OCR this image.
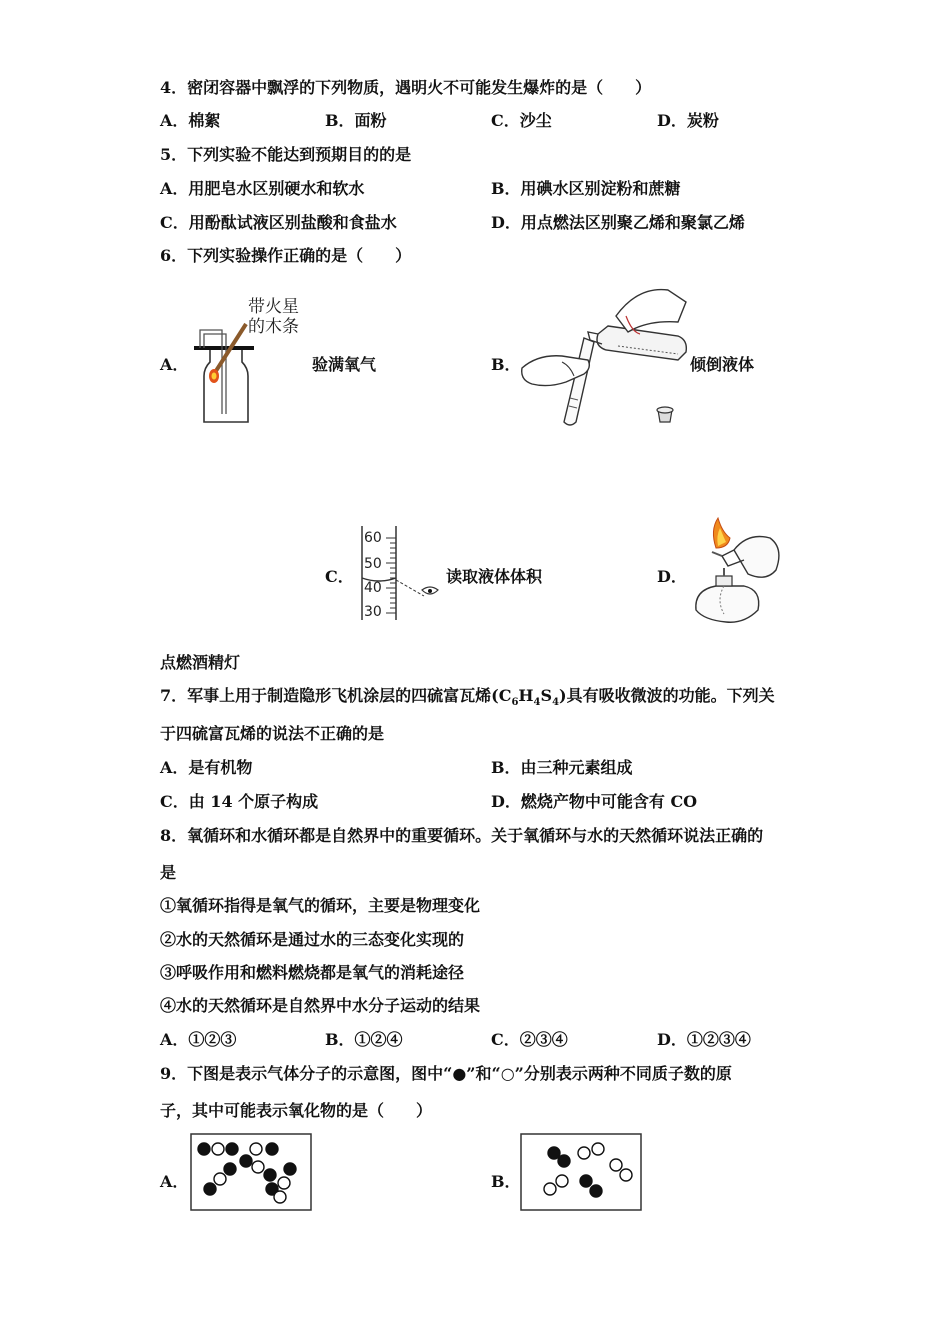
4．密闭容器中飘浮的下列物质，遇明火不可能发生爆炸的是（　　）
A．棉絮	B．面粉	C．沙尘	D．炭粉
5．下列实验不能达到预期目的的是
A．用肥皂水区别硬水和软水	B．用碘水区别淀粉和蔗糖
C．用酚酞试液区别盐酸和食盐水	D．用点燃法区别聚乙烯和聚氯乙烯
6．下列实验操作正确的是（　　）
A．
带火星
的木条
验满氧气	B．	倾倒液体
C．
60
50
40
30
读取液体体积	D．
点燃酒精灯
7．军事上用于制造隐形飞机涂层的四硫富瓦烯$(C_6H_4S_4)$具有吸收微波的功能。下列关
于四硫富瓦烯的说法不正确的是
A．是有机物	B．由三种元素组成
C．由 14 个原子构成	D．燃烧产物中可能含有 CO
8．氧循环和水循环都是自然界中的重要循环。关于氧循环与水的天然循环说法正确的
是
①氧循环指得是氧气的循环，主要是物理变化
②水的天然循环是通过水的三态变化实现的
③呼吸作用和燃料燃烧都是氧气的消耗途径
④水的天然循环是自然界中水分子运动的结果
A．①②③	B．①②④	C．②③④	D．①②③④
9．下图是表示气体分子的示意图，图中“●”和“○”分别表示两种不同质子数的原
子，其中可能表示氧化物的是（　　）
A．	B．
